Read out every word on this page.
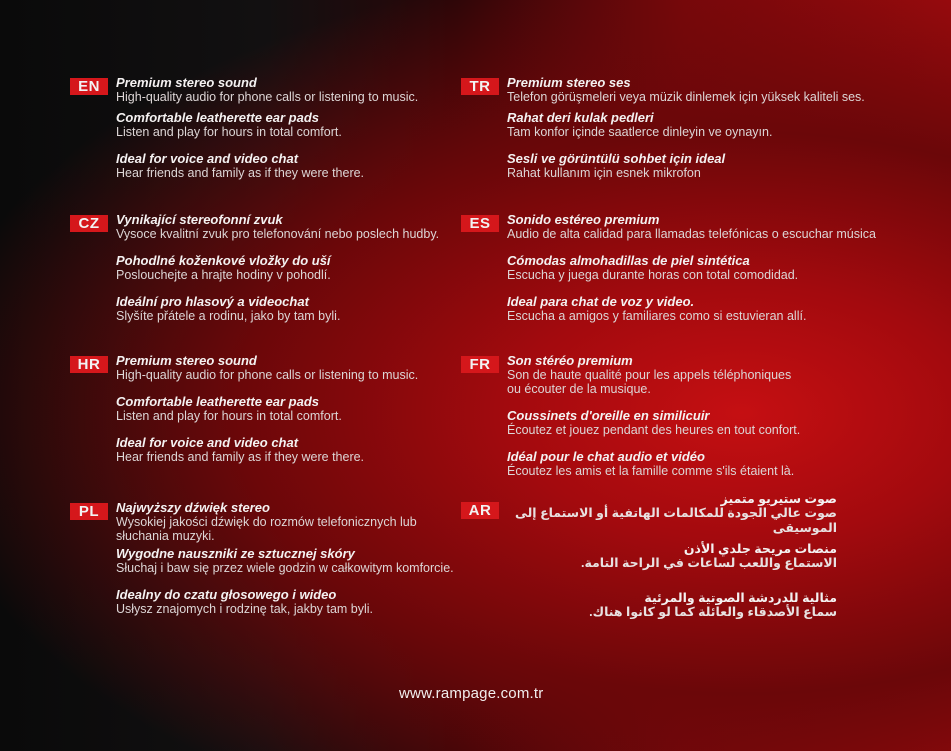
EN	Premium stereo sound
High-quality audio for phone calls or listening to music.
Comfortable leatherette ear pads
Listen and play for hours in total comfort.
Ideal for voice and video chat
Hear friends and family as if they were there.
CZ	Vynikající stereofonní zvuk
Vysoce kvalitní zvuk pro telefonování nebo poslech hudby.
Pohodlné koženkové vložky do uší
Poslouchejte a hrajte hodiny v pohodlí.
Ideální pro hlasový a videochat
Slyšíte přátele a rodinu, jako by tam byli.
HR	Premium stereo sound
High-quality audio for phone calls or listening to music.
Comfortable leatherette ear pads
Listen and play for hours in total comfort.
Ideal for voice and video chat
Hear friends and family as if they were there.
PL	Najwyższy dźwięk stereo
Wysokiej jakości dźwięk do rozmów telefonicznych lub
słuchania muzyki.
Wygodne nauszniki ze sztucznej skóry
Słuchaj i baw się przez wiele godzin w całkowitym komforcie.
Idealny do czatu głosowego i wideo
Usłysz znajomych i rodzinę tak, jakby tam byli.
TR	Premium stereo ses
Telefon görüşmeleri veya müzik dinlemek için yüksek kaliteli ses.
Rahat deri kulak pedleri
Tam konfor içinde saatlerce dinleyin ve oynayın.
Sesli ve görüntülü sohbet için ideal
Rahat kullanım için esnek mikrofon
ES	Sonido estéreo premium
Audio de alta calidad para llamadas telefónicas o escuchar música
Cómodas almohadillas de piel sintética
Escucha y juega durante horas con total comodidad.
Ideal para chat de voz y video.
Escucha a amigos y familiares como si estuvieran allí.
FR	Son stéréo premium
Son de haute qualité pour les appels téléphoniques
ou écouter de la musique.
Coussinets d'oreille en similicuir
Écoutez et jouez pendant des heures en tout confort.
Idéal pour le chat audio et vidéo
Écoutez les amis et la famille comme s'ils étaient là.
AR
صوت ستيريو متميز
صوت عالي الجودة للمكالمات الهاتفية أو الاستماع إلى الموسيقى
منصات مريحة جلدي الأذن
الاستماع واللعب لساعات في الراحة التامة.
مثالية للدردشة الصوتية والمرئية
سماع الأصدقاء والعائلة كما لو كانوا هناك.
www.rampage.com.tr
